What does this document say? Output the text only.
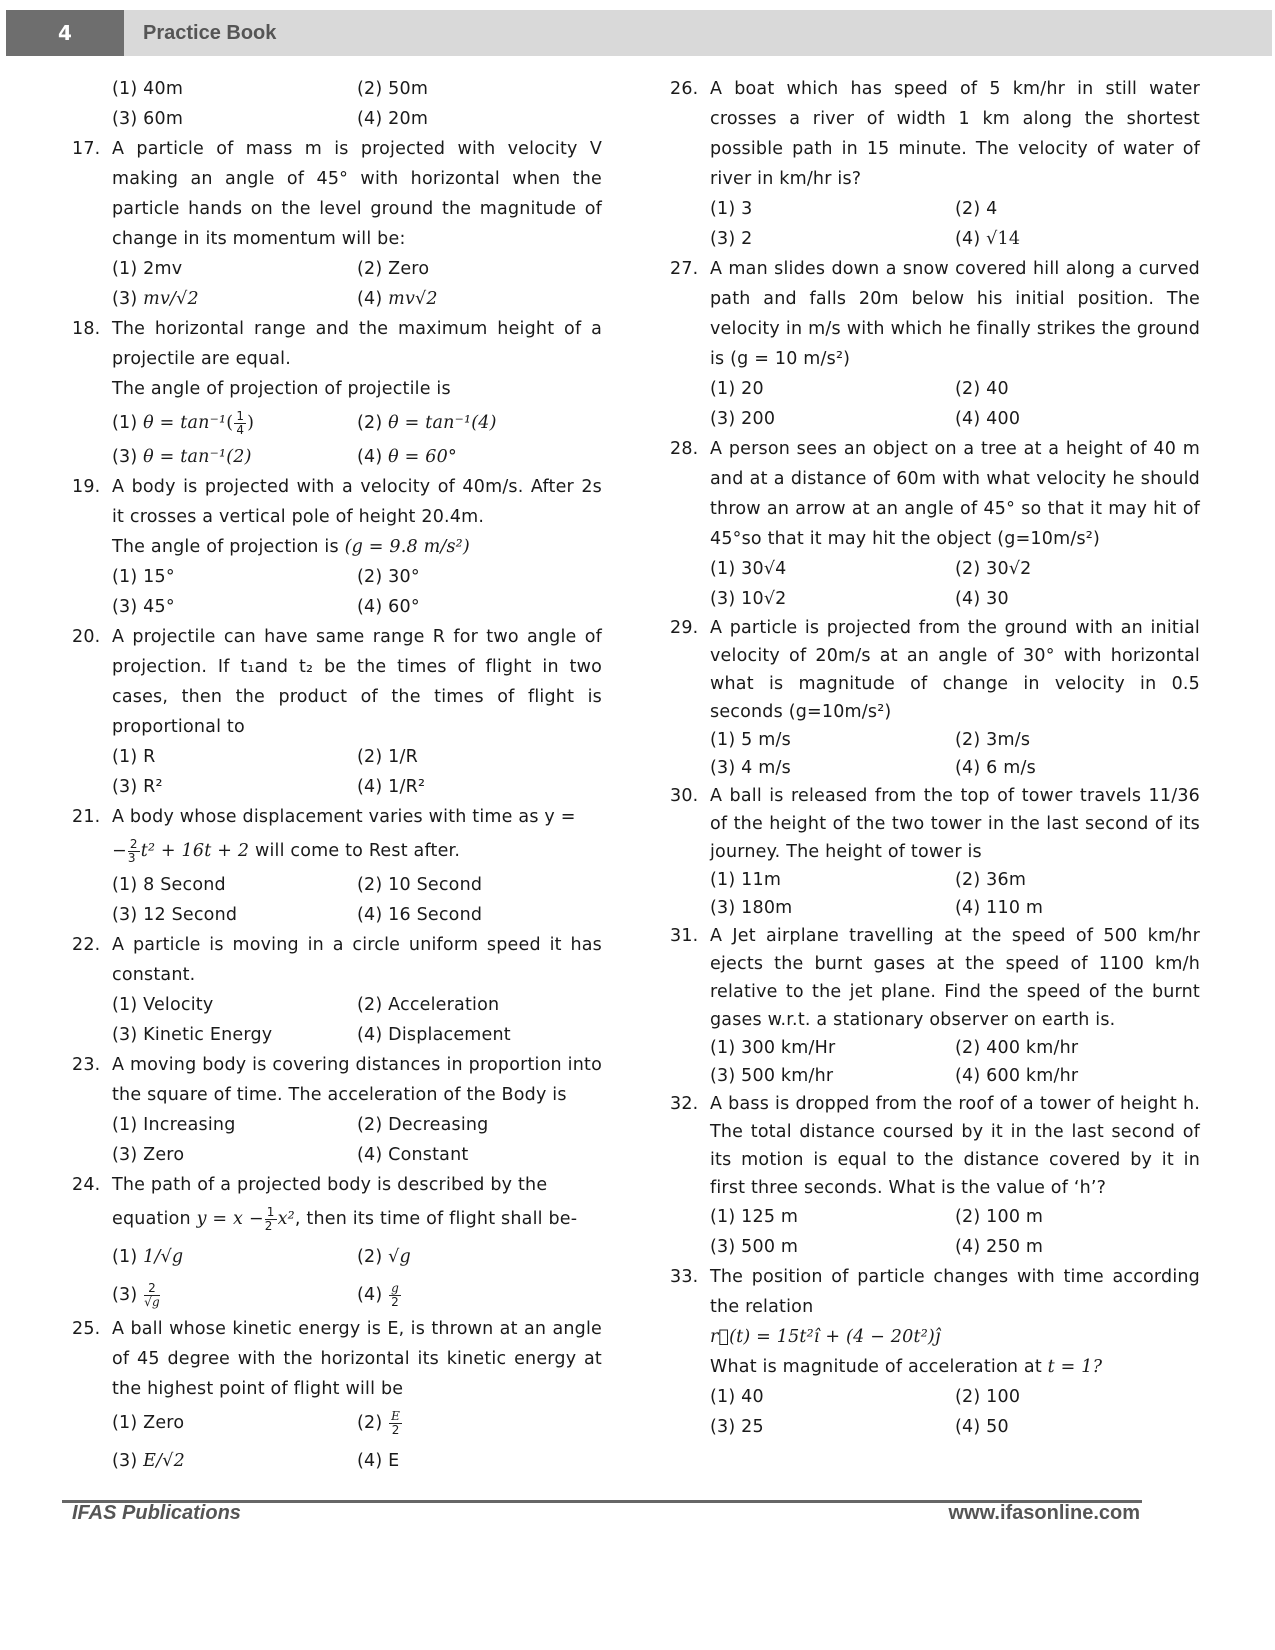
4	Practice Book
(1) 40m	(2) 50m
(3) 60m	(4) 20m
17. A particle of mass m is projected with velocity V making an angle of 45° with horizontal when the particle hands on the level ground the magnitude of change in its momentum will be:
(1) 2mv	(2) Zero
(3) mv/√2	(4) mv√2
18. The horizontal range and the maximum height of a projectile are equal.
The angle of projection of projectile is
(1) $\theta = \tan^{-1}( \frac{1}{4}$ )	(2) θ = tan⁻¹(4)
(3) θ = tan⁻¹(2)	(4) θ = 60°
19. A body is projected with a velocity of 40m/s. After 2s it crosses a vertical pole of height 20.4m.
The angle of projection is (g = 9.8 m/s²)
(1) 15°	(2) 30°
(3) 45°	(4) 60°
20. A projectile can have same range R for two angle of projection. If t₁and t₂ be the times of flight in two cases, then the product of the times of flight is proportional to
(1) R	(2) 1/R
(3) R²	(4) 1/R²
21. A body whose displacement varies with time as y =
− $\frac{2}{3} t^2 + 16t + 2$ will come to Rest after.
(1) 8 Second	(2) 10 Second
(3) 12 Second	(4) 16 Second
22. A particle is moving in a circle uniform speed it has constant.
(1) Velocity	(2) Acceleration
(3) Kinetic Energy	(4) Displacement
23. A moving body is covering distances in proportion into the square of time. The acceleration of the Body is
(1) Increasing	(2) Decreasing
(3) Zero	(4) Constant
24. The path of a projected body is described by the
equation $y = x - \frac{1}{2} x^2$, then its time of flight shall be-
(1) 1/√g	(2) √g
$(3) \frac{2}{√g}$	$(4) \frac{g}{2}$
25. A ball whose kinetic energy is E, is thrown at an angle of 45 degree with the horizontal its kinetic energy at the highest point of flight will be
(1) Zero	$(2) \frac{E}{2}$
(3) E/√2	(4) E
26. A boat which has speed of 5 km/hr in still water crosses a river of width 1 km along the shortest possible path in 15 minute. The velocity of water of river in km/hr is?
(1) 3	(2) 4
(3) 2	(4) √14
27. A man slides down a snow covered hill along a curved path and falls 20m below his initial position. The velocity in m/s with which he finally strikes the ground is (g = 10 m/s²)
(1) 20	(2) 40
(3) 200	(4) 400
28. A person sees an object on a tree at a height of 40 m and at a distance of 60m with what velocity he should throw an arrow at an angle of 45° so that it may hit of 45°so that it may hit the object (g=10m/s²)
(1) 30√4	(2) 30√2
(3) 10√2	(4) 30
29. A particle is projected from the ground with an initial velocity of 20m/s at an angle of 30° with horizontal what is magnitude of change in velocity in 0.5 seconds (g=10m/s²)
(1) 5 m/s	(2) 3m/s
(3) 4 m/s	(4) 6 m/s
30. A ball is released from the top of tower travels 11/36 of the height of the two tower in the last second of its journey. The height of tower is
(1) 11m	(2) 36m
(3) 180m	(4) 110 m
31. A Jet airplane travelling at the speed of 500 km/hr ejects the burnt gases at the speed of 1100 km/h relative to the jet plane. Find the speed of the burnt gases w.r.t. a stationary observer on earth is.
(1) 300 km/Hr	(2) 400 km/hr
(3) 500 km/hr	(4) 600 km/hr
32. A bass is dropped from the roof of a tower of height h. The total distance coursed by it in the last second of its motion is equal to the distance covered by it in first three seconds. What is the value of ‘h’?
(1) 125 m	(2) 100 m
(3) 500 m	(4) 250 m
33. The position of particle changes with time according the relation
r⃗(t) = 15t²î + (4 − 20t²)ĵ
What is magnitude of acceleration at t = 1?
(1) 40	(2) 100
(3) 25	(4) 50
IFAS Publications	www.ifasonline.com
